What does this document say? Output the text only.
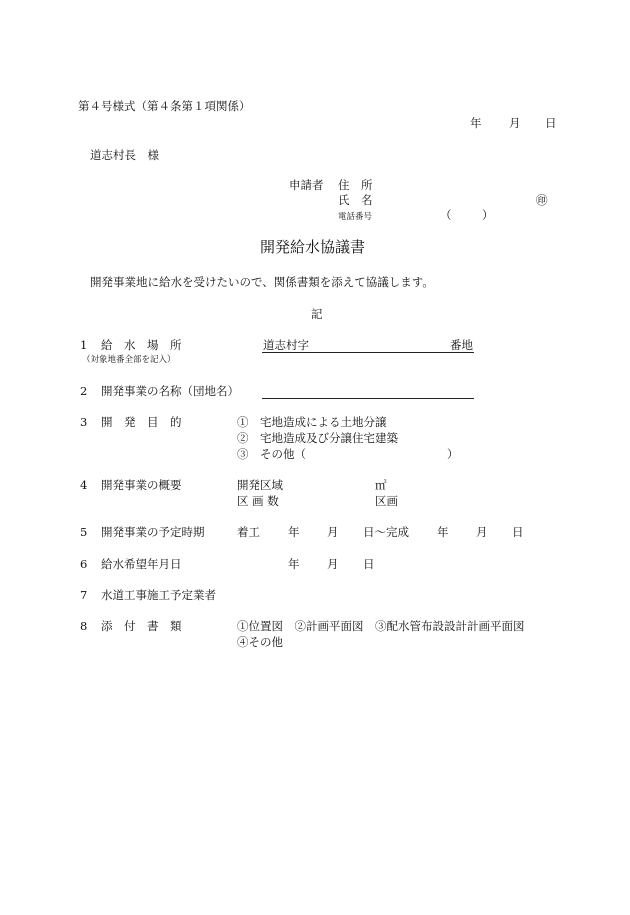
第４号様式（第４条第１項関係）
年 月 日
道志村長　様
申請者 住　所
氏　名	㊞
電話番号	（	）
開発給水協議書
開発事業地に給水を受けたいので、関係書類を添えて協議します。
記
1 給　水　場　所
（対象地番全部を記入）
道志村字	番地
2 開発事業の名称（団地名）
3 開　発　目　的	①　宅地造成による土地分譲
②　宅地造成及び分譲住宅建築
③　その他（	）
4 開発事業の概要	開発区域	㎡
区 画 数	区画
5 開発事業の予定時期	着工 年 月 日～完成 年 月 日
6 給水希望年月日	年 月 日
7 水道工事施工予定業者
8 添　付　書　類	①位置図　②計画平面図　③配水管布設設計計画平面図
④その他
